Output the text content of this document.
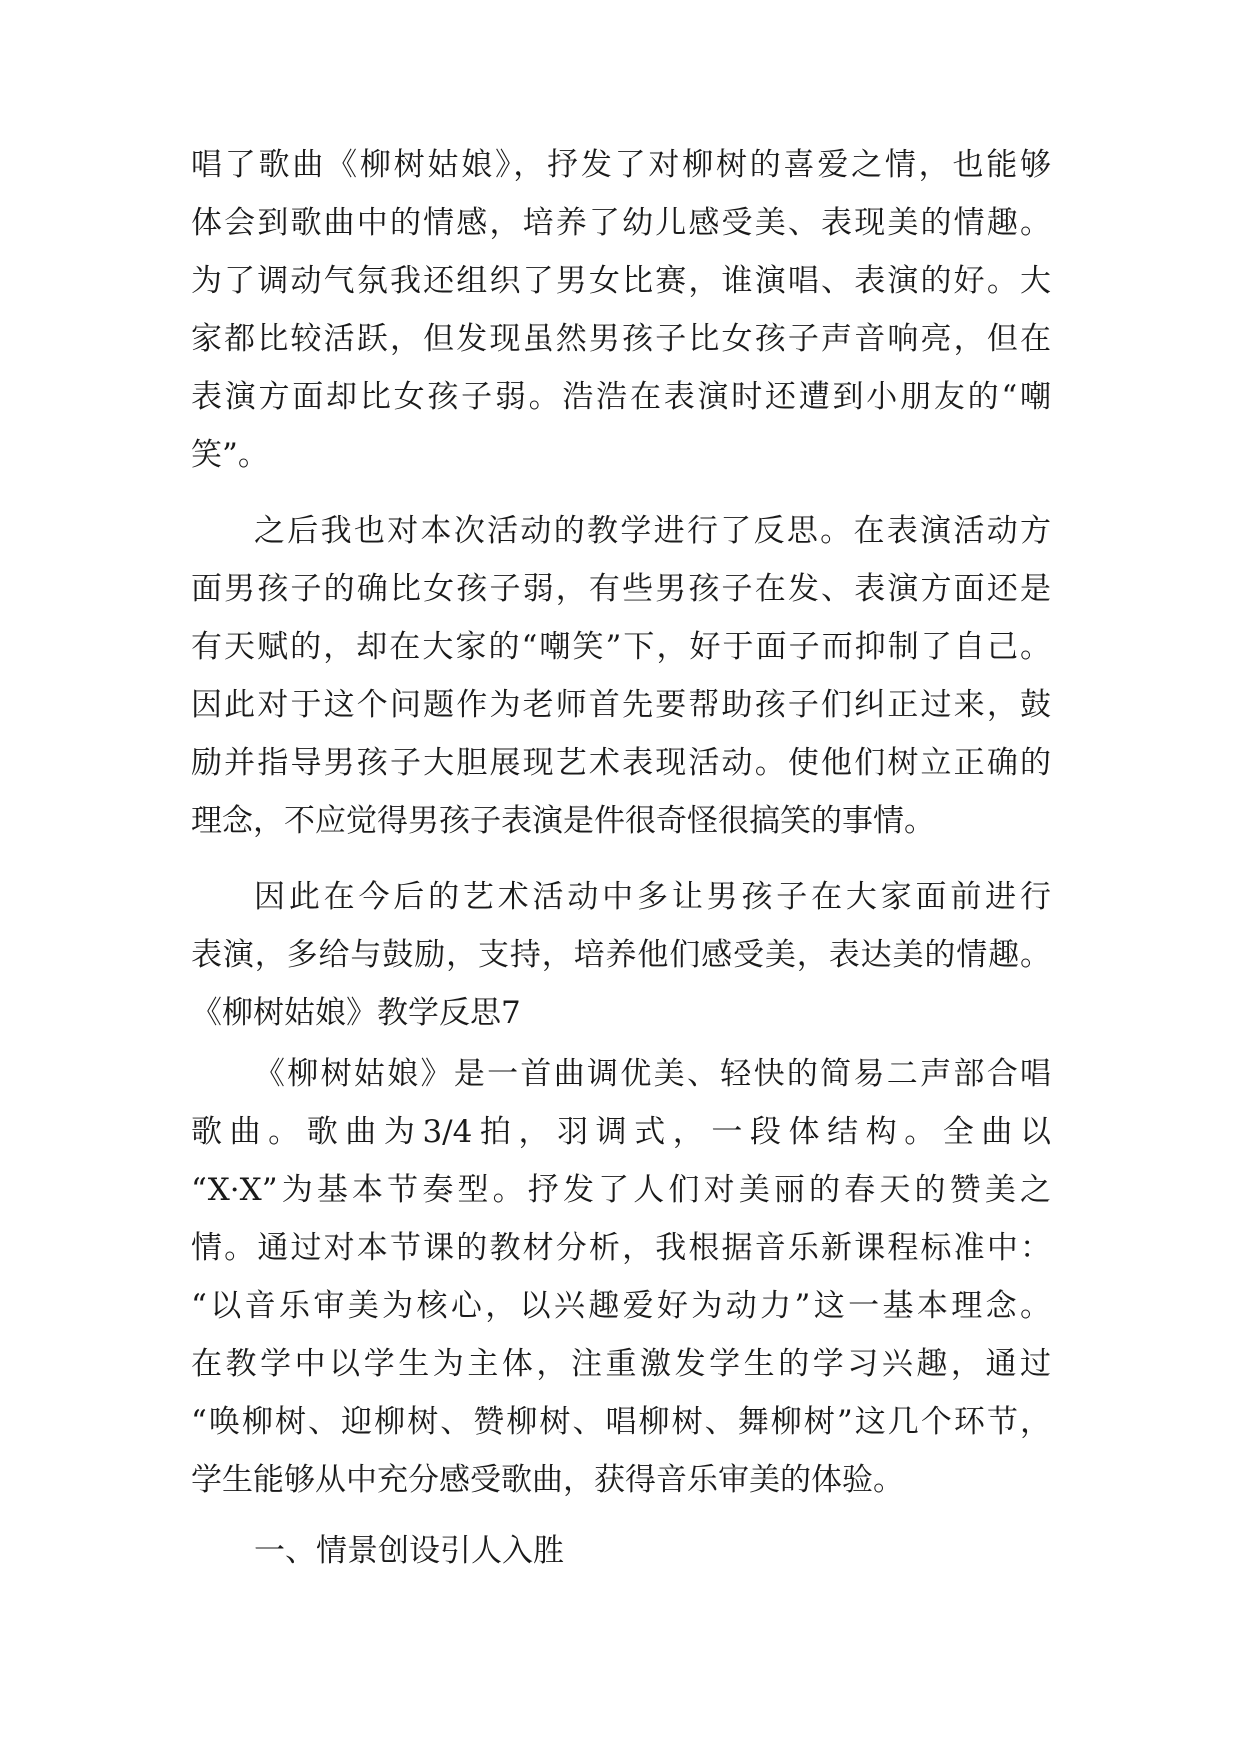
唱了歌曲《柳树姑娘》，抒发了对柳树的喜爱之情，也能够
体会到歌曲中的情感，培养了幼儿感受美、表现美的情趣。
为了调动气氛我还组织了男女比赛，谁演唱、表演的好。大
家都比较活跃，但发现虽然男孩子比女孩子声音响亮，但在
表演方面却比女孩子弱。浩浩在表演时还遭到小朋友的“嘲
笑”。
之后我也对本次活动的教学进行了反思。在表演活动方
面男孩子的确比女孩子弱，有些男孩子在发、表演方面还是
有天赋的，却在大家的“嘲笑”下，好于面子而抑制了自己。
因此对于这个问题作为老师首先要帮助孩子们纠正过来，鼓
励并指导男孩子大胆展现艺术表现活动。使他们树立正确的
理念，不应觉得男孩子表演是件很奇怪很搞笑的事情。
因此在今后的艺术活动中多让男孩子在大家面前进行
表演，多给与鼓励，支持，培养他们感受美，表达美的情趣。
《柳树姑娘》教学反思7
《柳树姑娘》是一首曲调优美、轻快的简易二声部合唱
歌曲。歌曲为3/4拍，羽调式，一段体结构。全曲以
“X·X”为基本节奏型。抒发了人们对美丽的春天的赞美之
情。通过对本节课的教材分析，我根据音乐新课程标准中：
“以音乐审美为核心，以兴趣爱好为动力”这一基本理念。
在教学中以学生为主体，注重激发学生的学习兴趣，通过
“唤柳树、迎柳树、赞柳树、唱柳树、舞柳树”这几个环节，
学生能够从中充分感受歌曲，获得音乐审美的体验。
一、情景创设引人入胜
